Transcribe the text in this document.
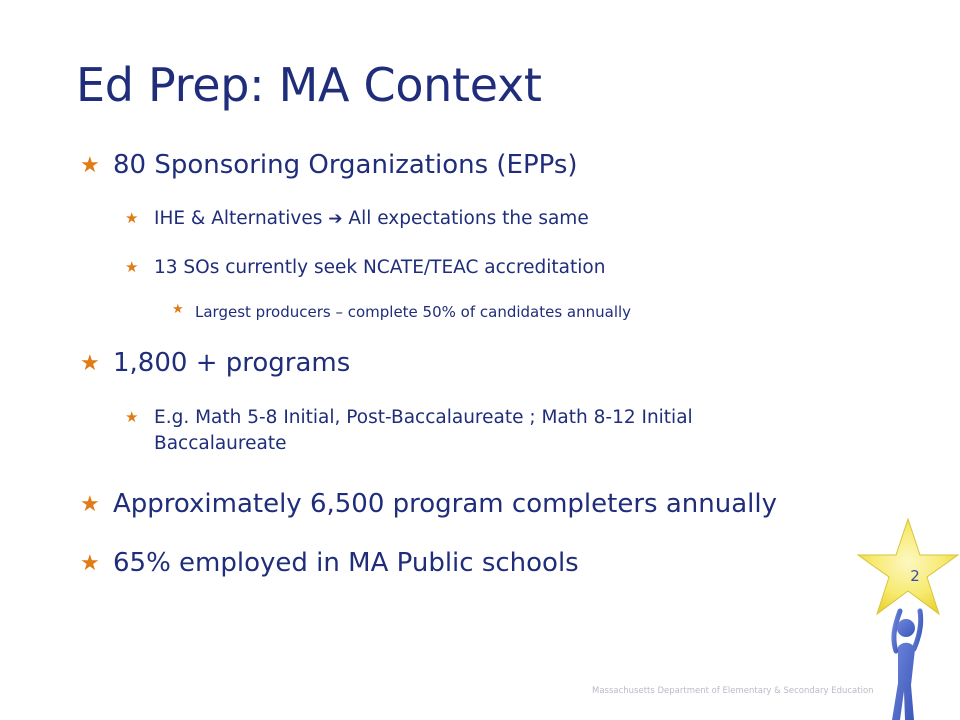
Ed Prep: MA Context
★ 80 Sponsoring Organizations (EPPs)
★ IHE & Alternatives ➔ All expectations the same
★ 13 SOs currently seek NCATE/TEAC accreditation
★ Largest producers – complete 50% of candidates annually
★ 1,800 + programs
★ E.g. Math 5-8 Initial, Post-Baccalaureate ; Math 8-12 Initial Baccalaureate
★ Approximately 6,500 program completers annually
★ 65% employed in MA Public schools	2
Massachusetts Department of Elementary & Secondary Education
